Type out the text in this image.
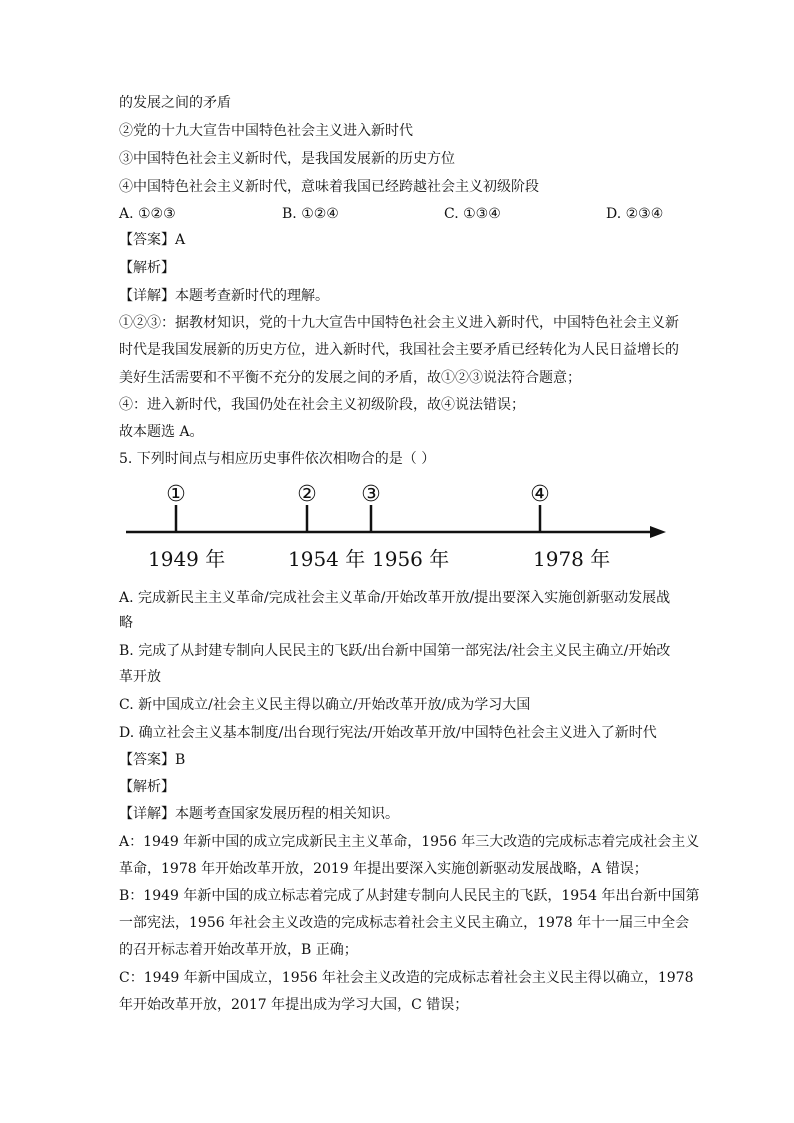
的发展之间的矛盾
②党的十九大宣告中国特色社会主义进入新时代
③中国特色社会主义新时代，是我国发展新的历史方位
④中国特色社会主义新时代，意味着我国已经跨越社会主义初级阶段
A. ①②③	B. ①②④	C. ①③④	D. ②③④
【答案】A
【解析】
【详解】本题考查新时代的理解。
①②③：据教材知识，党的十九大宣告中国特色社会主义进入新时代，中国特色社会主义新
时代是我国发展新的历史方位，进入新时代，我国社会主要矛盾已经转化为人民日益增长的
美好生活需要和不平衡不充分的发展之间的矛盾，故①②③说法符合题意；
④：进入新时代，我国仍处在社会主义初级阶段，故④说法错误；
故本题选 A。
5. 下列时间点与相应历史事件依次相吻合的是（ ）
①	② ③	④
1949 年	1954 年 1956 年	1978 年
A. 完成新民主主义革命/完成社会主义革命/开始改革开放/提出要深入实施创新驱动发展战
略
B. 完成了从封建专制向人民民主的飞跃/出台新中国第一部宪法/社会主义民主确立/开始改
革开放
C. 新中国成立/社会主义民主得以确立/开始改革开放/成为学习大国
D. 确立社会主义基本制度/出台现行宪法/开始改革开放/中国特色社会主义进入了新时代
【答案】B
【解析】
【详解】本题考查国家发展历程的相关知识。
A：1949 年新中国的成立完成新民主主义革命，1956 年三大改造的完成标志着完成社会主义
革命，1978 年开始改革开放，2019 年提出要深入实施创新驱动发展战略，A 错误；
B：1949 年新中国的成立标志着完成了从封建专制向人民民主的飞跃，1954 年出台新中国第
一部宪法，1956 年社会主义改造的完成标志着社会主义民主确立，1978 年十一届三中全会
的召开标志着开始改革开放，B 正确；
C：1949 年新中国成立，1956 年社会主义改造的完成标志着社会主义民主得以确立，1978
年开始改革开放，2017 年提出成为学习大国，C 错误；
